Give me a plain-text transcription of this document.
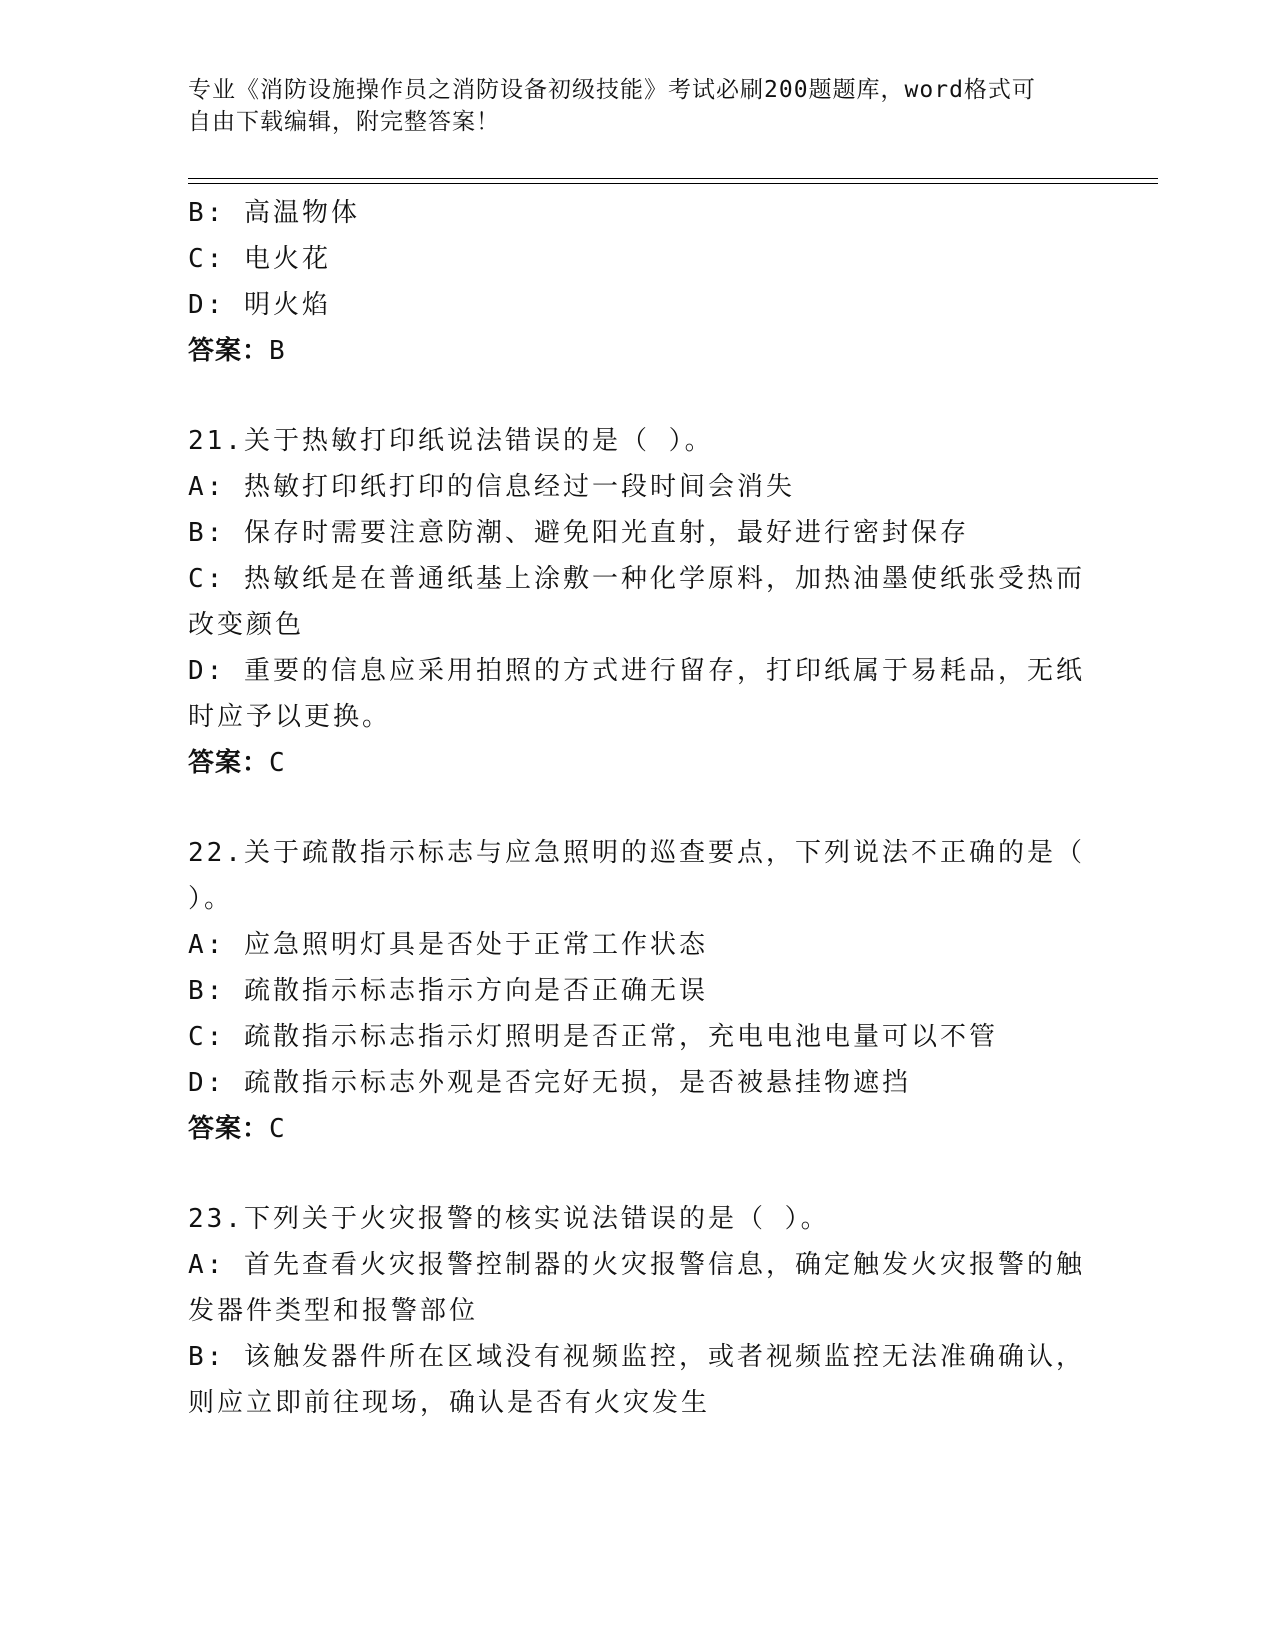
专业《消防设施操作员之消防设备初级技能》考试必刷200题题库，word格式可
自由下载编辑，附完整答案！
B: 高温物体
C: 电火花
D: 明火焰
答案：B
21.关于热敏打印纸说法错误的是（ ）。
A: 热敏打印纸打印的信息经过一段时间会消失
B: 保存时需要注意防潮、避免阳光直射，最好进行密封保存
C: 热敏纸是在普通纸基上涂敷一种化学原料，加热油墨使纸张受热而
改变颜色
D: 重要的信息应采用拍照的方式进行留存，打印纸属于易耗品，无纸
时应予以更换。
答案：C
22.关于疏散指示标志与应急照明的巡查要点，下列说法不正确的是（
）。
A: 应急照明灯具是否处于正常工作状态
B: 疏散指示标志指示方向是否正确无误
C: 疏散指示标志指示灯照明是否正常，充电电池电量可以不管
D: 疏散指示标志外观是否完好无损，是否被悬挂物遮挡
答案：C
23.下列关于火灾报警的核实说法错误的是（ ）。
A: 首先查看火灾报警控制器的火灾报警信息，确定触发火灾报警的触
发器件类型和报警部位
B: 该触发器件所在区域没有视频监控，或者视频监控无法准确确认，
则应立即前往现场，确认是否有火灾发生
